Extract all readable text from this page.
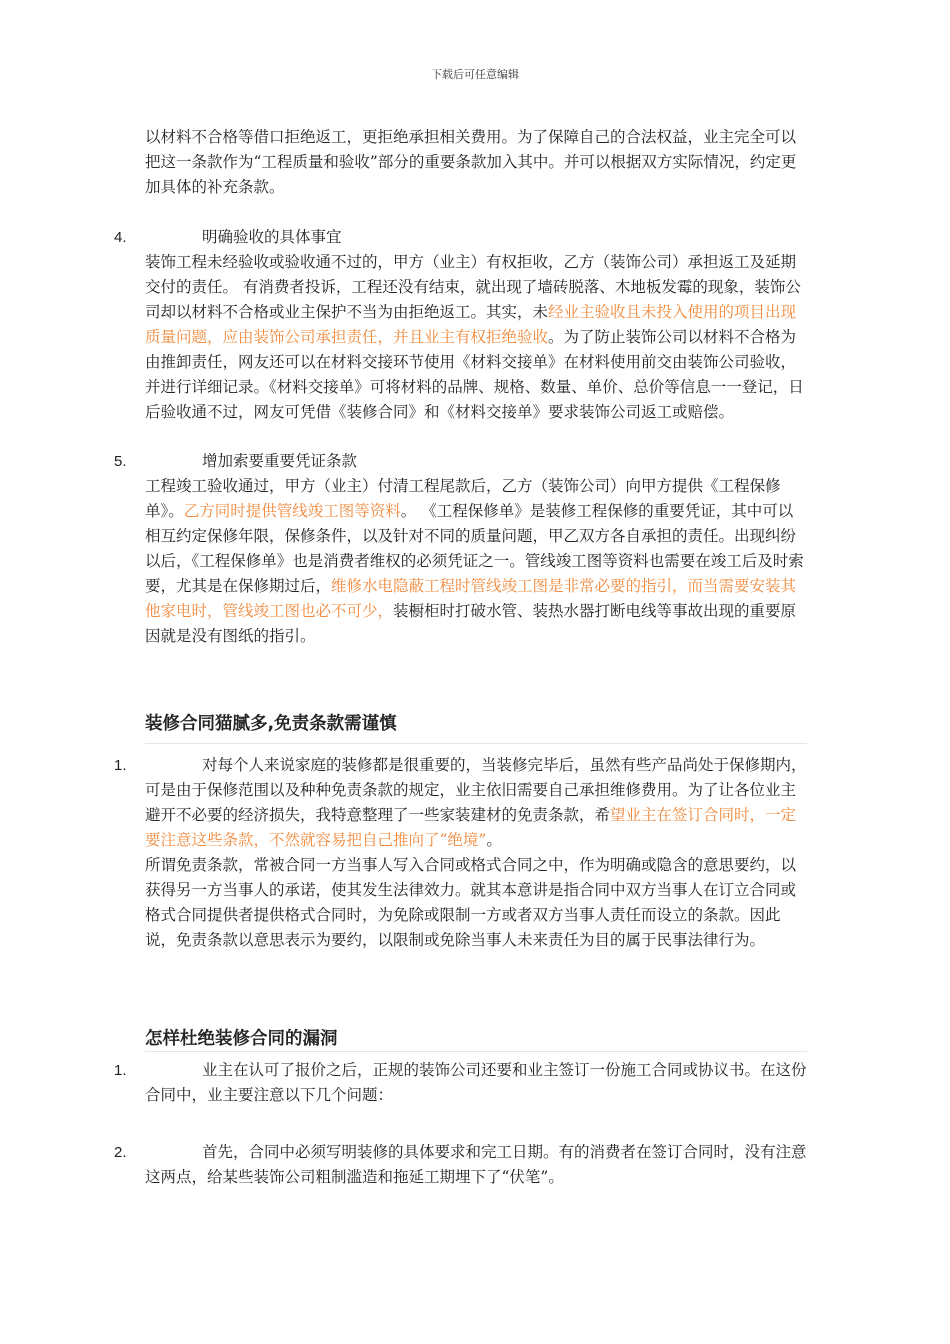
下载后可任意编辑

以材料不合格等借口拒绝返工，更拒绝承担相关费用。为了保障自己的合法权益，业主完全可以把这一条款作为“工程质量和验收”部分的重要条款加入其中。并可以根据双方实际情况，约定更加具体的补充条款。

4.	明确验收的具体事宜

装饰工程未经验收或验收通不过的，甲方（业主）有权拒收，乙方（装饰公司）承担返工及延期交付的责任。 有消费者投诉，工程还没有结束，就出现了墙砖脱落、木地板发霉的现象，装饰公司却以材料不合格或业主保护不当为由拒绝返工。其实，未经业主验收且未投入使用的项目出现质量问题，应由装饰公司承担责任，并且业主有权拒绝验收。为了防止装饰公司以材料不合格为由推卸责任，网友还可以在材料交接环节使用《材料交接单》在材料使用前交由装饰公司验收，并进行详细记录。《材料交接单》可将材料的品牌、规格、数量、单价、总价等信息一一登记，日后验收通不过，网友可凭借《装修合同》和《材料交接单》要求装饰公司返工或赔偿。

5.	增加索要重要凭证条款

工程竣工验收通过，甲方（业主）付清工程尾款后，乙方（装饰公司）向甲方提供《工程保修单》。乙方同时提供管线竣工图等资料。 《工程保修单》是装修工程保修的重要凭证，其中可以相互约定保修年限，保修条件，以及针对不同的质量问题，甲乙双方各自承担的责任。出现纠纷以后，《工程保修单》也是消费者维权的必须凭证之一。管线竣工图等资料也需要在竣工后及时索要，尤其是在保修期过后，维修水电隐蔽工程时管线竣工图是非常必要的指引，而当需要安装其他家电时，管线竣工图也必不可少，装橱柜时打破水管、装热水器打断电线等事故出现的重要原因就是没有图纸的指引。

装修合同猫腻多,免责条款需谨慎
1.	对每个人来说家庭的装修都是很重要的，当装修完毕后，虽然有些产品尚处于保修期内，可是由于保修范围以及种种免责条款的规定，业主依旧需要自己承担维修费用。为了让各位业主避开不必要的经济损失，我特意整理了一些家装建材的免责条款，希望业主在签订合同时，一定要注意这些条款，不然就容易把自己推向了“绝境”。

所谓免责条款，常被合同一方当事人写入合同或格式合同之中，作为明确或隐含的意思要约，以获得另一方当事人的承诺，使其发生法律效力。就其本意讲是指合同中双方当事人在订立合同或格式合同提供者提供格式合同时，为免除或限制一方或者双方当事人责任而设立的条款。因此说，免责条款以意思表示为要约，以限制或免除当事人未来责任为目的属于民事法律行为。

怎样杜绝装修合同的漏洞
1.	业主在认可了报价之后，正规的装饰公司还要和业主签订一份施工合同或协议书。在这份合同中，业主要注意以下几个问题：

2.	首先，合同中必须写明装修的具体要求和完工日期。有的消费者在签订合同时，没有注意这两点，给某些装饰公司粗制滥造和拖延工期埋下了“伏笔”。
